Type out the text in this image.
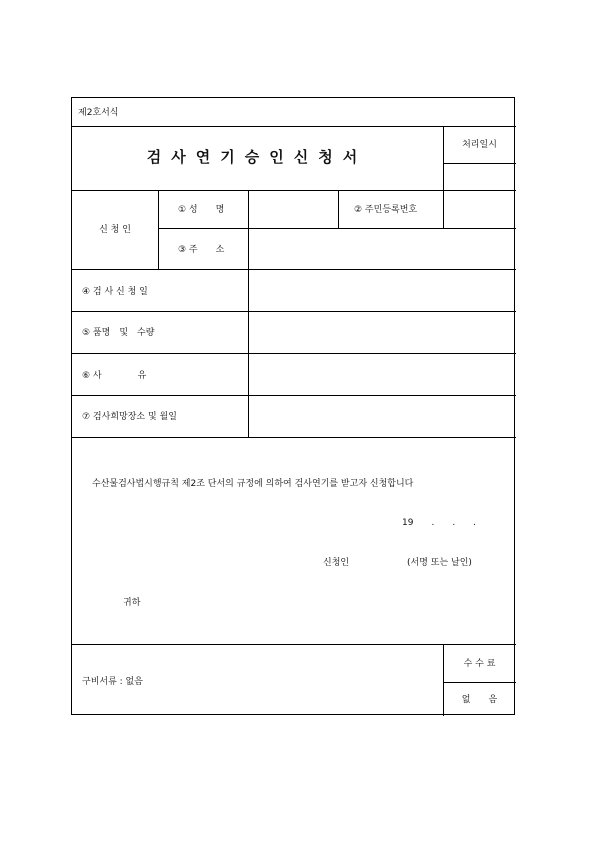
제2호서식
검사연기승인신청서
처리일시
신 청 인
① 성　　명	② 주민등록번호
③ 주　　소
④ 검 사 신 청 일
⑤ 품명　및　수량
⑥ 사　　　　유
⑦ 검사희망장소 및 월일
수산물검사법시행규칙 제2조 단서의 규정에 의하여 검사연기를 받고자 신청합니다
19　　.　　.　　.
신청인	(서명 또는 날인)
귀하
구비서류 : 없음
수 수 료
없　　음
